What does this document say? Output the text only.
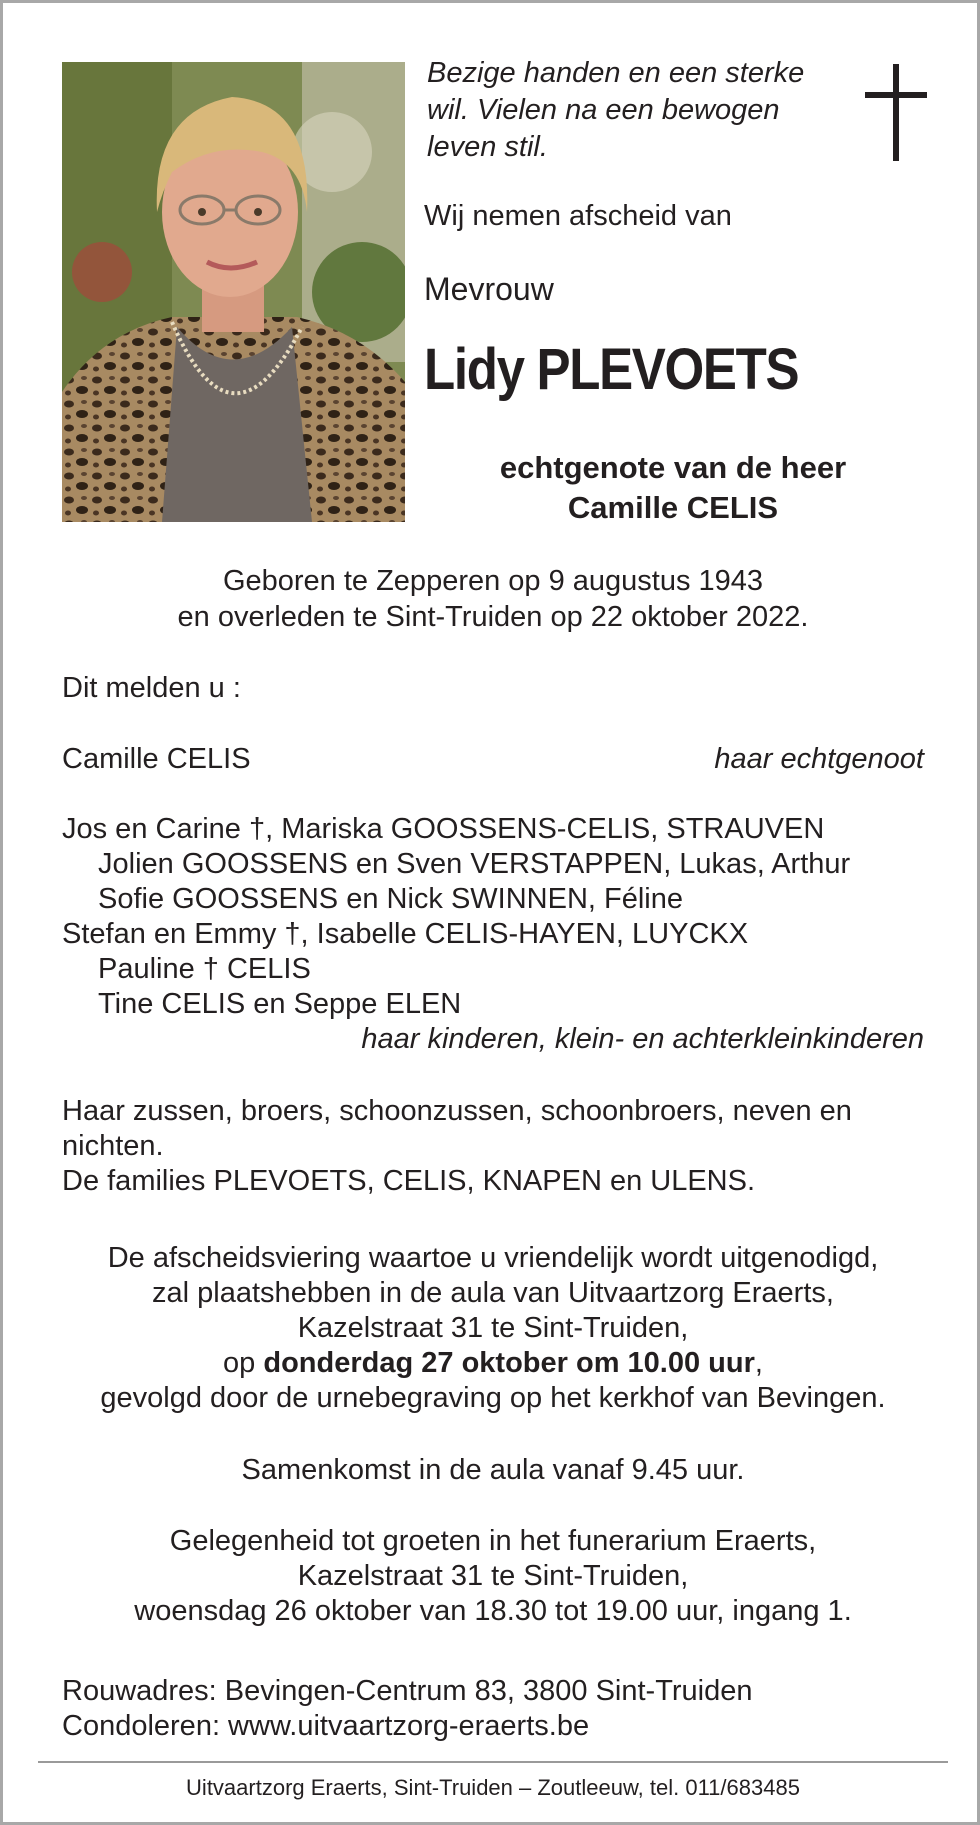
Bezige handen en een sterke
wil. Vielen na een bewogen
leven stil.
Wij nemen afscheid van
Mevrouw
Lidy PLEVOETS
echtgenote van de heer
Camille CELIS
Geboren te Zepperen op 9 augustus 1943
en overleden te Sint-Truiden op 22 oktober 2022.
Dit melden u :
Camille CELIS	haar echtgenoot
Jos en Carine †, Mariska GOOSSENS-CELIS, STRAUVEN
Jolien GOOSSENS en Sven VERSTAPPEN, Lukas, Arthur
Sofie GOOSSENS en Nick SWINNEN, Féline
Stefan en Emmy †, Isabelle CELIS-HAYEN, LUYCKX
Pauline † CELIS
Tine CELIS en Seppe ELEN
haar kinderen, klein- en achterkleinkinderen
Haar zussen, broers, schoonzussen, schoonbroers, neven en
nichten.
De families PLEVOETS, CELIS, KNAPEN en ULENS.
De afscheidsviering waartoe u vriendelijk wordt uitgenodigd,
zal plaatshebben in de aula van Uitvaartzorg Eraerts,
Kazelstraat 31 te Sint-Truiden,
op donderdag 27 oktober om 10.00 uur,
gevolgd door de urnebegraving op het kerkhof van Bevingen.
Samenkomst in de aula vanaf 9.45 uur.
Gelegenheid tot groeten in het funerarium Eraerts,
Kazelstraat 31 te Sint-Truiden,
woensdag 26 oktober van 18.30 tot 19.00 uur, ingang 1.
Rouwadres: Bevingen-Centrum 83, 3800 Sint-Truiden
Condoleren: www.uitvaartzorg-eraerts.be
Uitvaartzorg Eraerts, Sint-Truiden – Zoutleeuw, tel. 011/683485
